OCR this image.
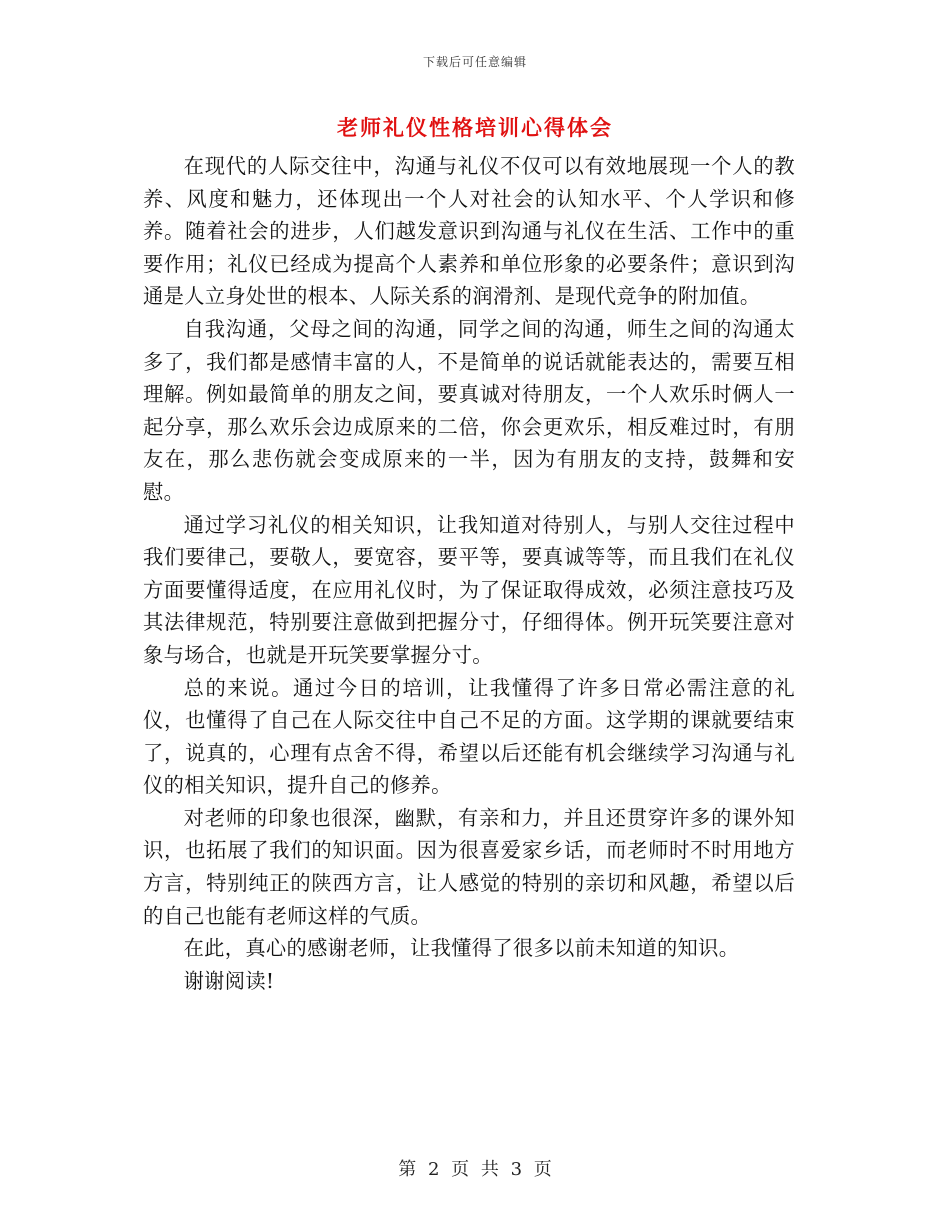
下载后可任意编辑
老师礼仪性格培训心得体会

在现代的人际交往中，沟通与礼仪不仅可以有效地展现一个人的教养、风度和魅力，还体现出一个人对社会的认知水平、个人学识和修养。随着社会的进步，人们越发意识到沟通与礼仪在生活、工作中的重要作用；礼仪已经成为提高个人素养和单位形象的必要条件；意识到沟通是人立身处世的根本、人际关系的润滑剂、是现代竞争的附加值。

自我沟通，父母之间的沟通，同学之间的沟通，师生之间的沟通太多了，我们都是感情丰富的人，不是简单的说话就能表达的，需要互相理解。例如最简单的朋友之间，要真诚对待朋友，一个人欢乐时俩人一起分享，那么欢乐会边成原来的二倍，你会更欢乐，相反难过时，有朋友在，那么悲伤就会变成原来的一半，因为有朋友的支持，鼓舞和安慰。

通过学习礼仪的相关知识，让我知道对待别人，与别人交往过程中我们要律己，要敬人，要宽容，要平等，要真诚等等，而且我们在礼仪方面要懂得适度，在应用礼仪时，为了保证取得成效，必须注意技巧及其法律规范，特别要注意做到把握分寸，仔细得体。例开玩笑要注意对象与场合，也就是开玩笑要掌握分寸。

总的来说。通过今日的培训，让我懂得了许多日常必需注意的礼仪，也懂得了自己在人际交往中自己不足的方面。这学期的课就要结束了，说真的，心理有点舍不得，希望以后还能有机会继续学习沟通与礼仪的相关知识，提升自己的修养。

对老师的印象也很深，幽默，有亲和力，并且还贯穿许多的课外知识，也拓展了我们的知识面。因为很喜爱家乡话，而老师时不时用地方方言，特别纯正的陕西方言，让人感觉的特别的亲切和风趣，希望以后的自己也能有老师这样的气质。

在此，真心的感谢老师，让我懂得了很多以前未知道的知识。

谢谢阅读!

第 2 页 共 3 页
